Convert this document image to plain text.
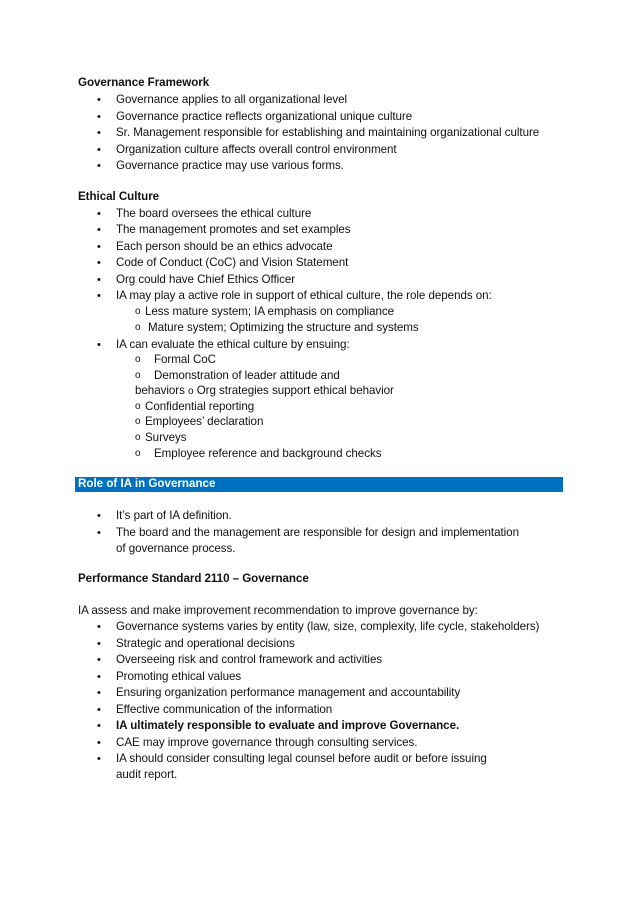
Governance Framework
• Governance applies to all organizational level
• Governance practice reflects organizational unique culture
• Sr. Management responsible for establishing and maintaining organizational culture
• Organization culture affects overall control environment
• Governance practice may use various forms.
Ethical Culture
• The board oversees the ethical culture
• The management promotes and set examples
• Each person should be an ethics advocate
• Code of Conduct (CoC) and Vision Statement
• Org could have Chief Ethics Officer
• IA may play a active role in support of ethical culture, the role depends on:
o Less mature system; IA emphasis on compliance
o Mature system; Optimizing the structure and systems
• IA can evaluate the ethical culture by ensuing:
o Formal CoC
o Demonstration of leader attitude and
behaviors o Org strategies support ethical behavior
o Confidential reporting
o Employees’ declaration
o Surveys
o Employee reference and background checks
Role of IA in Governance
• It’s part of IA definition.
• The board and the management are responsible for design and implementation
of governance process.
Performance Standard 2110 – Governance
IA assess and make improvement recommendation to improve governance by:
• Governance systems varies by entity (law, size, complexity, life cycle, stakeholders)
• Strategic and operational decisions
• Overseeing risk and control framework and activities
• Promoting ethical values
• Ensuring organization performance management and accountability
• Effective communication of the information
• IA ultimately responsible to evaluate and improve Governance.
• CAE may improve governance through consulting services.
• IA should consider consulting legal counsel before audit or before issuing
audit report.
